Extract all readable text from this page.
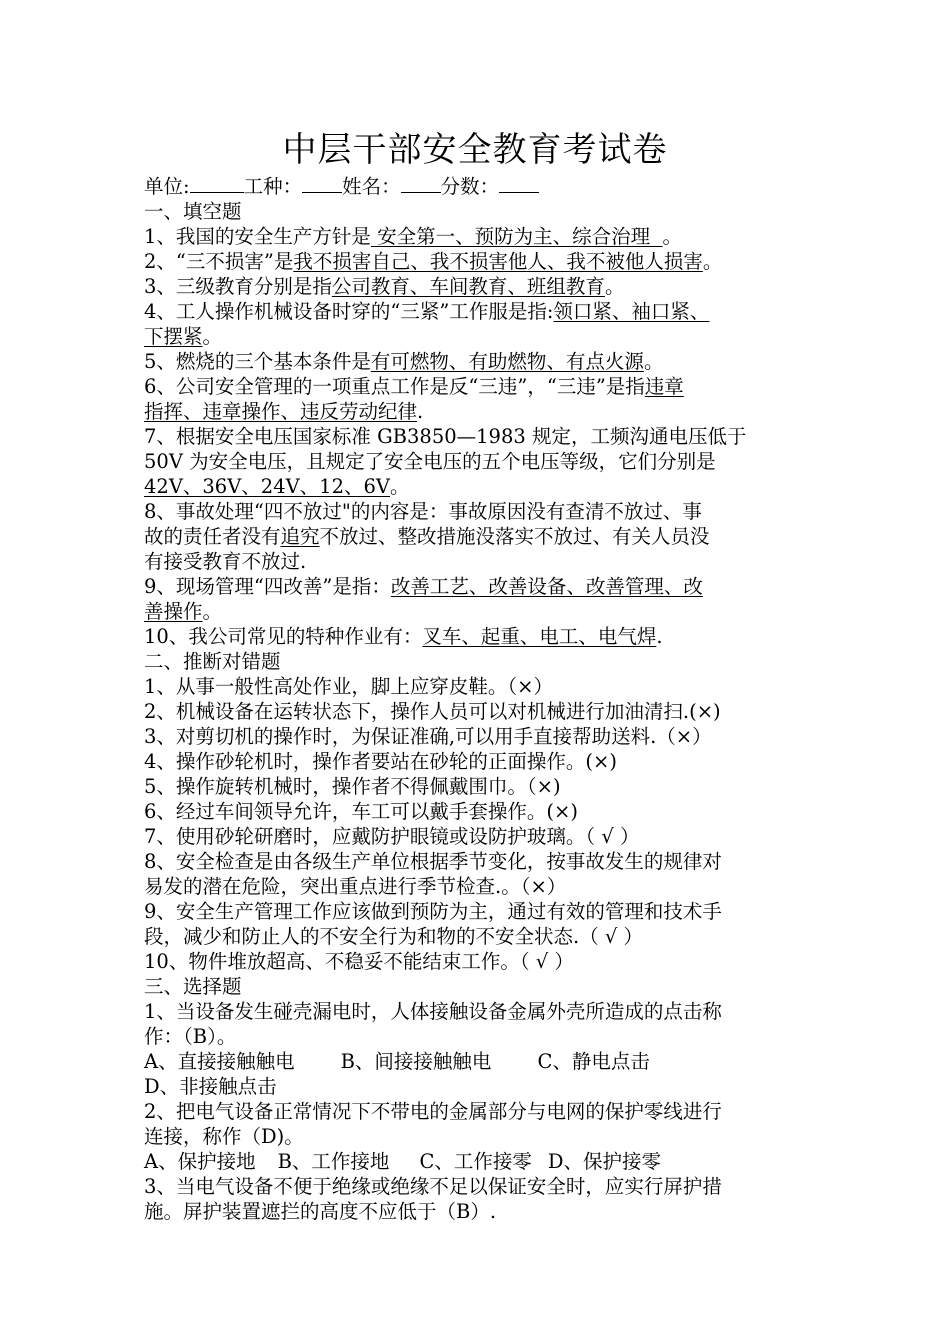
中层干部安全教育考试卷
单位:	工种： 姓名： 分数：
一、填空题
1、我国的安全生产方针是 安全第一、预防为主、综合治理  。
2、“三不损害”是我不损害自己、我不损害他人、我不被他人损害。
3、三级教育分别是指公司教育、车间教育、班组教育。
4、工人操作机械设备时穿的“三紧”工作服是指:领口紧、袖口紧、
下摆紧。
5、燃烧的三个基本条件是有可燃物、有助燃物、有点火源。
6、公司安全管理的一项重点工作是反“三违”，“三违”是指违章
指挥、违章操作、违反劳动纪律.
7、根据安全电压国家标准 GB3850—1983 规定，工频沟通电压低于
50V 为安全电压，且规定了安全电压的五个电压等级，它们分别是
42V、36V、24V、12、6V。
8、事故处理“四不放过"的内容是：事故原因没有查清不放过、事
故的责任者没有追究不放过、整改措施没落实不放过、有关人员没
有接受教育不放过.
9、现场管理“四改善”是指：改善工艺、改善设备、改善管理、改
善操作。
10、我公司常见的特种作业有：叉车、起重、电工、电气焊.
二、推断对错题
1、从事一般性高处作业，脚上应穿皮鞋。（×）
2、机械设备在运转状态下，操作人员可以对机械进行加油清扫.(×)
3、对剪切机的操作时，为保证准确,可以用手直接帮助送料.（×）
4、操作砂轮机时，操作者要站在砂轮的正面操作。(×)
5、操作旋转机械时，操作者不得佩戴围巾。（×)
6、经过车间领导允许，车工可以戴手套操作。(×)
7、使用砂轮研磨时，应戴防护眼镜或设防护玻璃。（ √ ）
8、安全检查是由各级生产单位根据季节变化，按事故发生的规律对
易发的潜在危险，突出重点进行季节检查.。（×）
9、安全生产管理工作应该做到预防为主，通过有效的管理和技术手
段，减少和防止人的不安全行为和物的不安全状态.（ √ ）
10、物件堆放超高、不稳妥不能结束工作。（ √ ）
三、选择题
1、当设备发生碰壳漏电时，人体接触设备金属外壳所造成的点击称
作：（B）。
A、直接接触触电 B、间接接触触电 C、静电点击
D、非接触点击
2、把电气设备正常情况下不带电的金属部分与电网的保护零线进行
连接，称作（D)。
A、保护接地 B、工作接地 C、工作接零 D、保护接零
3、当电气设备不便于绝缘或绝缘不足以保证安全时，应实行屏护措
施。屏护装置遮拦的高度不应低于（B）.
